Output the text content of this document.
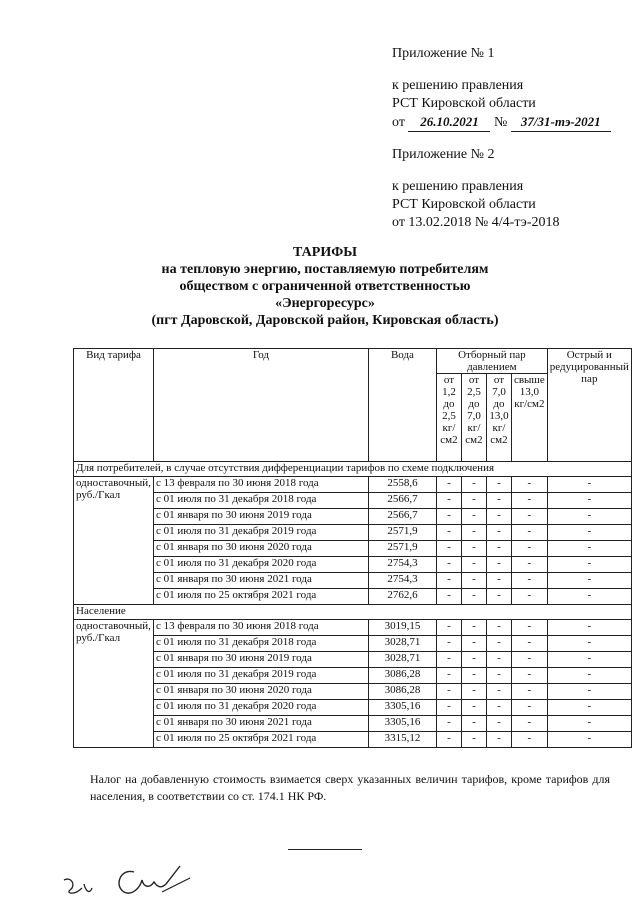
Приложение № 1
к решению правления
РСТ Кировской области
от 26.10.2021 № 37/31-тэ-2021
Приложение № 2
к решению правления
РСТ Кировской области
от 13.02.2018 № 4/4-тэ-2018
ТАРИФЫ
на тепловую энергию, поставляемую потребителям
обществом с ограниченной ответственностью
«Энергоресурс»
(пгт Даровской, Даровской район, Кировская область)
Вид тарифа	Год	Вода	Отборный пар давлением				Острый и редуцированный пар
			от 1,2 до 2,5 кг/см2	от 2,5 до 7,0 кг/см2	от 7,0 до 13,0 кг/см2	свыше 13,0 кг/см2	
Для потребителей, в случае отсутствия дифференциации тарифов по схеме подключения							
одноставочный, руб./Гкал	с 13 февраля по 30 июня 2018 года	2558,6	-	-	-	-	-
	с 01 июля по 31 декабря 2018 года	2566,7	-	-	-	-	-
	с 01 января по 30 июня 2019 года	2566,7	-	-	-	-	-
	с 01 июля по 31 декабря 2019 года	2571,9	-	-	-	-	-
	с 01 января по 30 июня 2020 года	2571,9	-	-	-	-	-
	с 01 июля по 31 декабря 2020 года	2754,3	-	-	-	-	-
	с 01 января по 30 июня 2021 года	2754,3	-	-	-	-	-
	с 01 июля по 25 октября 2021 года	2762,6	-	-	-	-	-
Население							
одноставочный, руб./Гкал	с 13 февраля по 30 июня 2018 года	3019,15	-	-	-	-	-
	с 01 июля по 31 декабря 2018 года	3028,71	-	-	-	-	-
	с 01 января по 30 июня 2019 года	3028,71	-	-	-	-	-
	с 01 июля по 31 декабря 2019 года	3086,28	-	-	-	-	-
	с 01 января по 30 июня 2020 года	3086,28	-	-	-	-	-
	с 01 июля по 31 декабря 2020 года	3305,16	-	-	-	-	-
	с 01 января по 30 июня 2021 года	3305,16	-	-	-	-	-
	с 01 июля по 25 октября 2021 года	3315,12	-	-	-	-	-
Налог на добавленную стоимость взимается сверх указанных величин тарифов, кроме тарифов для населения, в соответствии со ст. 174.1 НК РФ.
